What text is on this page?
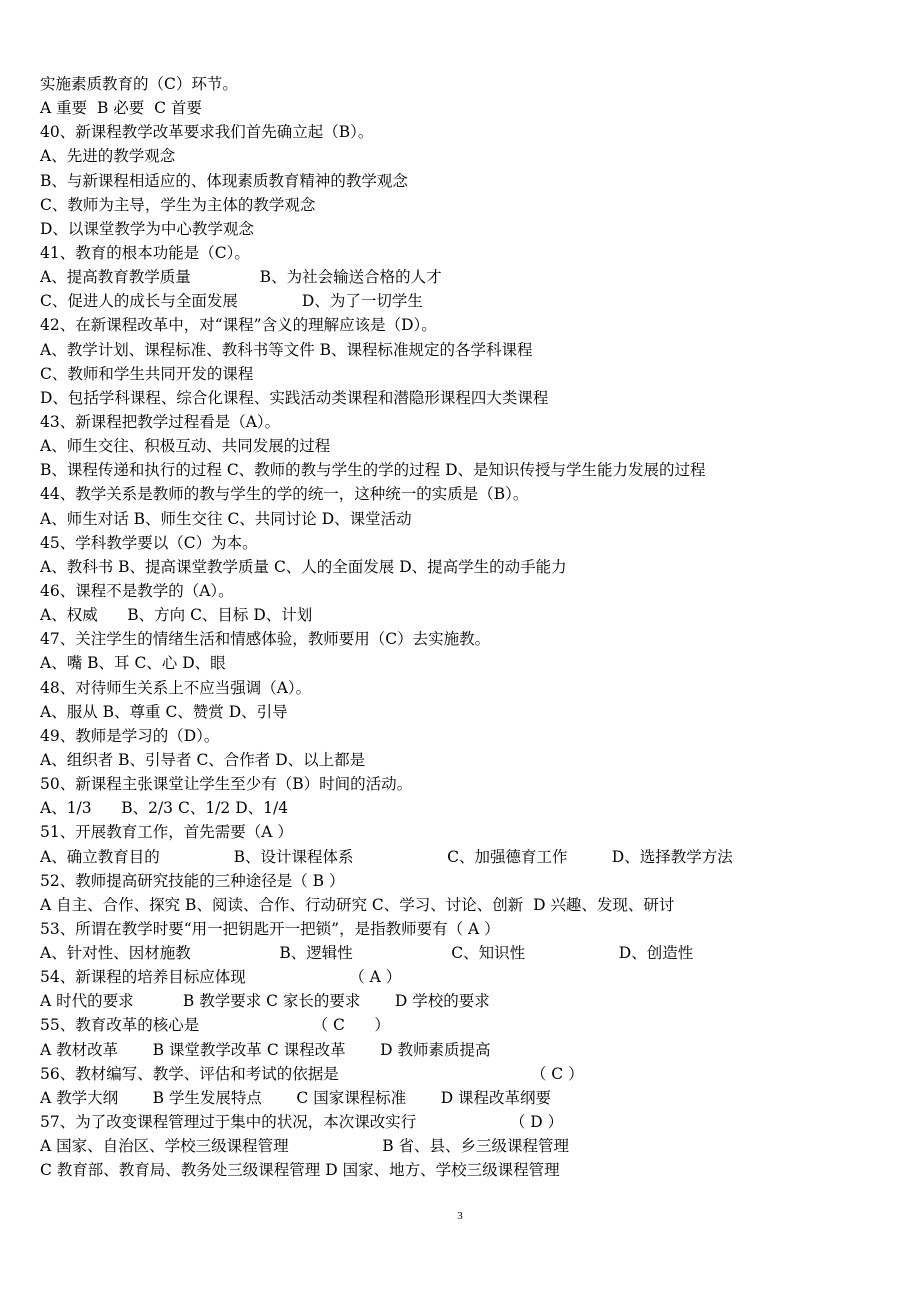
实施素质教育的（C）环节。
A 重要  B 必要  C 首要
40、新课程教学改革要求我们首先确立起（B）。
A、先进的教学观念
B、与新课程相适应的、体现素质教育精神的教学观念
C、教师为主导，学生为主体的教学观念
D、以课堂教学为中心教学观念
41、教育的根本功能是（C）。
A、提高教育教学质量              B、为社会输送合格的人才
C、促进人的成长与全面发展             D、为了一切学生
42、在新课程改革中，对“课程”含义的理解应该是（D）。
A、教学计划、课程标准、教科书等文件 B、课程标准规定的各学科课程
C、教师和学生共同开发的课程
D、包括学科课程、综合化课程、实践活动类课程和潜隐形课程四大类课程
43、新课程把教学过程看是（A）。
A、师生交往、积极互动、共同发展的过程
B、课程传递和执行的过程 C、教师的教与学生的学的过程 D、是知识传授与学生能力发展的过程
44、教学关系是教师的教与学生的学的统一，这种统一的实质是（B）。
A、师生对话 B、师生交往 C、共同讨论 D、课堂活动
45、学科教学要以（C）为本。
A、教科书 B、提高课堂教学质量 C、人的全面发展 D、提高学生的动手能力
46、课程不是教学的（A）。
A、权威      B、方向 C、目标 D、计划
47、关注学生的情绪生活和情感体验，教师要用（C）去实施教。
A、嘴 B、耳 C、心 D、眼
48、对待师生关系上不应当强调（A）。
A、服从 B、尊重 C、赞赏 D、引导
49、教师是学习的（D）。
A、组织者 B、引导者 C、合作者 D、以上都是
50、新课程主张课堂让学生至少有（B）时间的活动。
A、1/3      B、2/3 C、1/2 D、1/4
51、开展教育工作，首先需要（A ）
A、确立教育目的               B、设计课程体系                   C、加强德育工作         D、选择教学方法
52、教师提高研究技能的三种途径是（ B ）
A 自主、合作、探究 B、阅读、合作、行动研究 C、学习、讨论、创新  D 兴趣、发现、研讨
53、所谓在教学时要“用一把钥匙开一把锁”，是指教师要有（ A ）
A、针对性、因材施教                  B、逻辑性                    C、知识性                   D、创造性
54、新课程的培养目标应体现                     （ A ）
A 时代的要求          B 教学要求 C 家长的要求       D 学校的要求
55、教育改革的核心是                       （ C      ）
A 教材改革       B 课堂教学改革 C 课程改革       D 教师素质提高
56、教材编写、教学、评估和考试的依据是                                       （ C ）
A 教学大纲       B 学生发展特点       C 国家课程标准       D 课程改革纲要
57、为了改变课程管理过于集中的状况，本次课改实行                   （ D ）
A 国家、自治区、学校三级课程管理                   B 省、县、乡三级课程管理
C 教育部、教育局、教务处三级课程管理 D 国家、地方、学校三级课程管理
3
